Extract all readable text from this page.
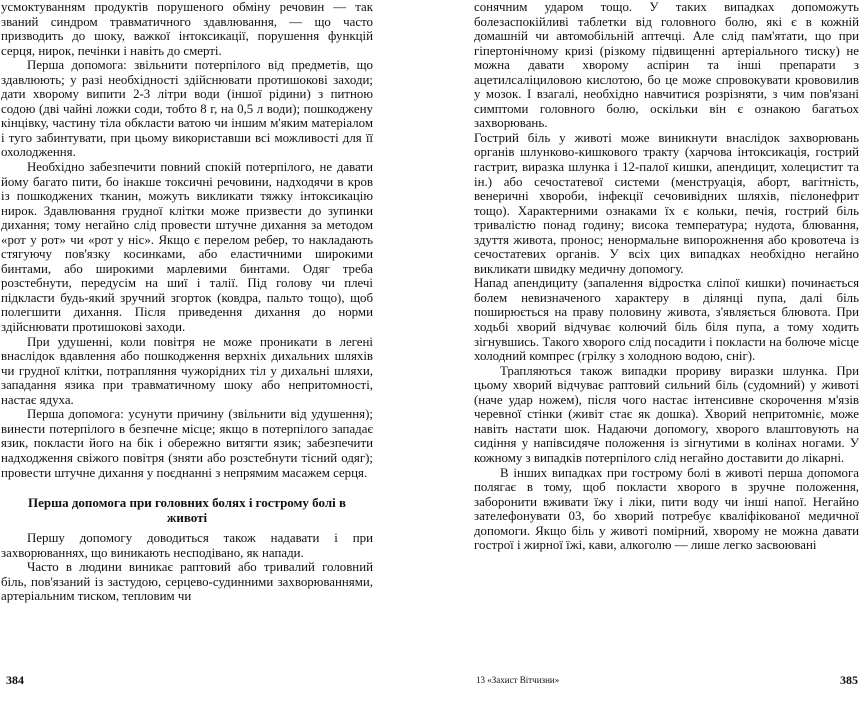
усмоктуванням продуктів порушеного обміну речовин — так званий синдром травматичного здавлювання, — що часто призводить до шоку, важкої інтоксикації, порушення функцій серця, нирок, печінки і навіть до смерті.

Перша допомога: звільнити потерпілого від предметів, що здавлюють; у разі необхідності здійснювати протишокові заходи; дати хворому випити 2-3 літри води (іншої рідини) з питною содою (дві чайні ложки соди, тобто 8 г, на 0,5 л води); пошкоджену кінцівку, частину тіла обкласти ватою чи іншим м'яким матеріалом і туго забинтувати, при цьому використавши всі можливості для її охолодження.

Необхідно забезпечити повний спокій потерпілого, не давати йому багато пити, бо інакше токсичні речовини, надходячи в кров із пошкоджених тканин, можуть викликати тяжку інтоксикацію нирок. Здавлювання грудної клітки може призвести до зупинки дихання; тому негайно слід провести штучне дихання за методом «рот у рот» чи «рот у ніс». Якщо є перелом ребер, то накладають стягуючу пов'язку косинками, або еластичними широкими бинтами, або широкими марлевими бинтами. Одяг треба розстебнути, передусім на шиї і талії. Під голову чи плечі підкласти будь-який зручний згорток (ковдра, пальто тощо), щоб полегшити дихання. Після приведення дихання до норми здійснювати протишокові заходи.

При удушенні, коли повітря не може проникати в легені внаслідок вдавлення або пошкодження верхніх дихальних шляхів чи грудної клітки, потрапляння чужорідних тіл у дихальні шляхи, западання язика при травматичному шоку або непритомності, настає ядуха.

Перша допомога: усунути причину (звільнити від удушення); винести потерпілого в безпечне місце; якщо в потерпілого западає язик, покласти його на бік і обережно витягти язик; забезпечити надходження свіжого повітря (зняти або розстебнути тісний одяг); провести штучне дихання у поєднанні з непрямим масажем серця.

Перша допомога при головних болях і гострому болі в животі

Першу допомогу доводиться також надавати і при захворюваннях, що виникають несподівано, як напади.

Часто в людини виникає раптовий або тривалий головний біль, пов'язаний із застудою, серцево-судинними захворюваннями, артеріальним тиском, тепловим чи

384

сонячним ударом тощо. У таких випадках допоможуть болезаспокійливі таблетки від головного болю, які є в кожній домашній чи автомобільній аптечці. Але слід пам'ятати, що при гіпертонічному кризі (різкому підвищенні артеріального тиску) не можна давати хворому аспірин та інші препарати з ацетилсаліциловою кислотою, бо це може спровокувати крововилив у мозок. І взагалі, необхідно навчитися розрізняти, з чим пов'язані симптоми головного болю, оскільки він є ознакою багатьох захворювань.

Гострий біль у животі може виникнути внаслідок захворювань органів шлунково-кишкового тракту (харчова інтоксикація, гострий гастрит, виразка шлунка і 12-палої кишки, апендицит, холецистит та ін.) або сечостатевої системи (менструація, аборт, вагітність, венеричні хвороби, інфекції сечовивідних шляхів, пієлонефрит тощо). Характерними ознаками їх є кольки, печія, гострий біль тривалістю понад годину; висока температура; нудота, блювання, здуття живота, пронос; ненормальне випорожнення або кровотеча із сечостатевих органів. У всіх цих випадках необхідно негайно викликати швидку медичну допомогу.

Напад апендициту (запалення відростка сліпої кишки) починається болем невизначеного характеру в ділянці пупа, далі біль поширюється на праву половину живота, з'являється блювота. При ходьбі хворий відчуває колючий біль біля пупа, а тому ходить зігнувшись. Такого хворого слід посадити і покласти на болюче місце холодний компрес (грілку з холодною водою, сніг).

Трапляються також випадки прориву виразки шлунка. При цьому хворий відчуває раптовий сильний біль (судомний) у животі (наче удар ножем), після чого настає інтенсивне скорочення м'язів черевної стінки (живіт стає як дошка). Хворий непритомніє, може навіть настати шок. Надаючи допомогу, хворого влаштовують на сидіння у напівсидяче положення із зігнутими в колінах ногами. У кожному з випадків потерпілого слід негайно доставити до лікарні.

В інших випадках при гострому болі в животі перша допомога полягає в тому, щоб покласти хворого в зручне положення, заборонити вживати їжу і ліки, пити воду чи інші напої. Негайно зателефонувати 03, бо хворий потребує кваліфікованої медичної допомоги. Якщо біль у животі помірний, хворому не можна давати гострої і жирної їжі, кави, алкоголю — лише легко засвоювані

13 «Захист Вітчизни»	385
